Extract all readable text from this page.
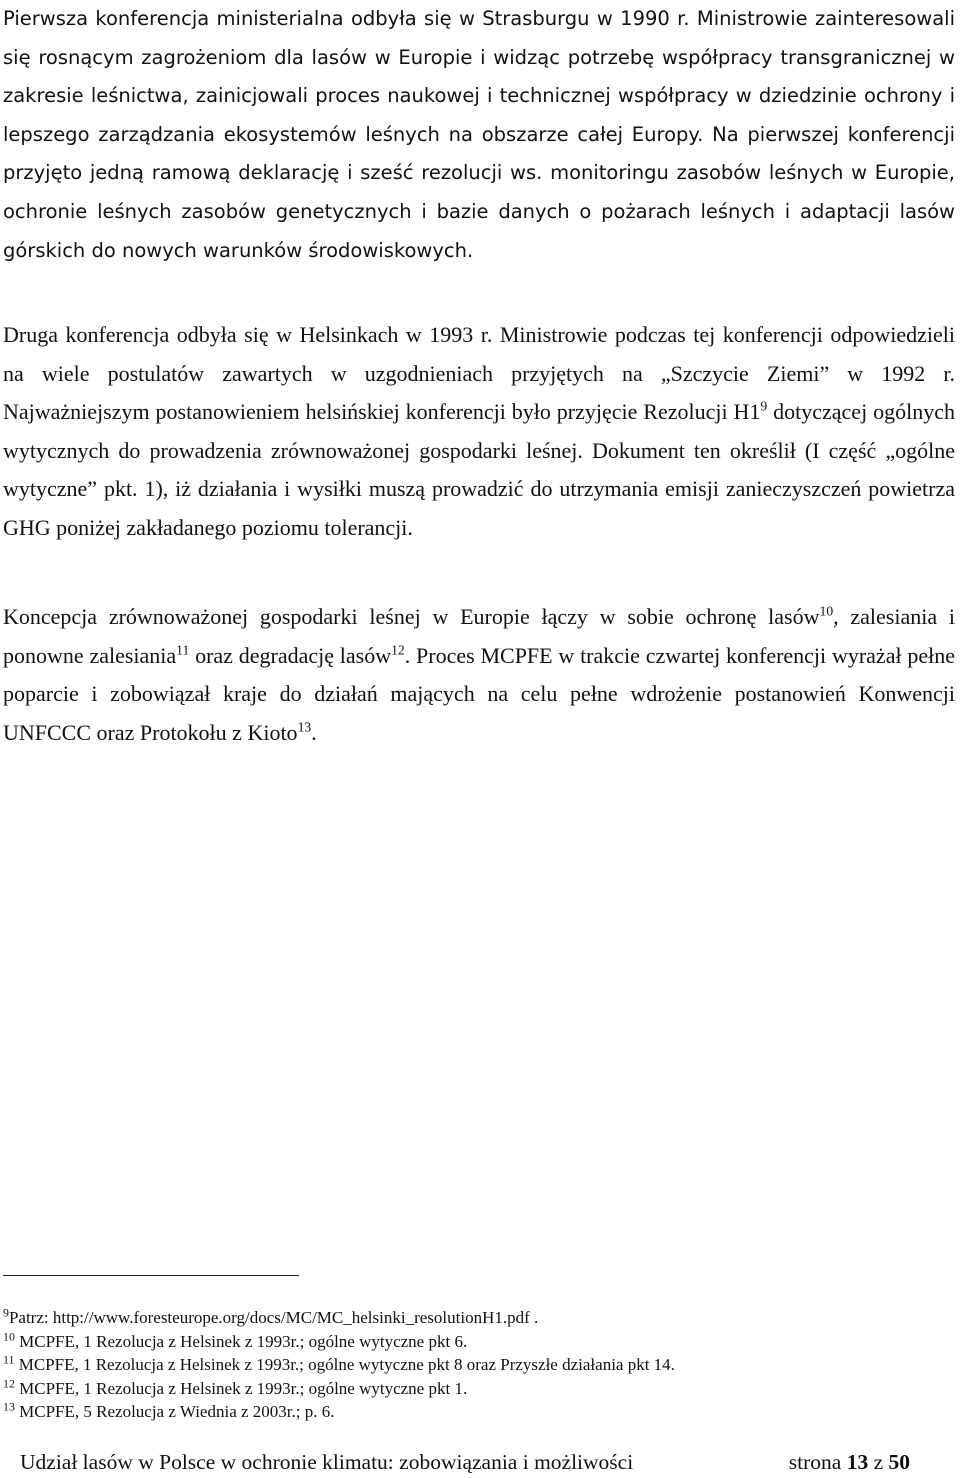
Pierwsza konferencja ministerialna odbyła się w Strasburgu w 1990 r. Ministrowie zainteresowali się rosnącym zagrożeniom dla lasów w Europie i widząc potrzebę współpracy transgranicznej w zakresie leśnictwa, zainicjowali proces naukowej i technicznej współpracy w dziedzinie ochrony i lepszego zarządzania ekosystemów leśnych na obszarze całej Europy. Na pierwszej konferencji przyjęto jedną ramową deklarację i sześć rezolucji ws. monitoringu zasobów leśnych w Europie, ochronie leśnych zasobów genetycznych i bazie danych o pożarach leśnych i adaptacji lasów górskich do nowych warunków środowiskowych.

Druga konferencja odbyła się w Helsinkach w 1993 r. Ministrowie podczas tej konferencji odpowiedzieli na wiele postulatów zawartych w uzgodnieniach przyjętych na „Szczycie Ziemi” w 1992 r. Najważniejszym postanowieniem helsińskiej konferencji było przyjęcie Rezolucji $H1^9$ dotyczącej ogólnych wytycznych do prowadzenia zrównoważonej gospodarki leśnej. Dokument ten określił (I część „ogólne wytyczne” pkt. 1), iż działania i wysiłki muszą prowadzić do utrzymania emisji zanieczyszczeń powietrza GHG poniżej zakładanego poziomu tolerancji.

Koncepcja zrównoważonej gospodarki leśnej w Europie łączy w sobie ochronę lasów$^{10}$, zalesiania i ponowne zalesiania$^{11}$ oraz degradację lasów$^{12}$. Proces MCPFE w trakcie czwartej konferencji wyrażał pełne poparcie i zobowiązał kraje do działań mających na celu pełne wdrożenie postanowień Konwencji UNFCCC oraz Protokołu z Kioto$^{13}$.

$^9$Patrz: http://www.foresteurope.org/docs/MC/MC_helsinki_resolutionH1.pdf .
$^{10}$ MCPFE, 1 Rezolucja z Helsinek z 1993r.; ogólne wytyczne pkt 6.
$^{11}$ MCPFE, 1 Rezolucja z Helsinek z 1993r.; ogólne wytyczne pkt 8 oraz Przyszłe działania pkt 14.
$^{12}$ MCPFE, 1 Rezolucja z Helsinek z 1993r.; ogólne wytyczne pkt 1.
$^{13}$ MCPFE, 5 Rezolucja z Wiednia z 2003r.; p. 6.
Udział lasów w Polsce w ochronie klimatu: zobowiązania i możliwości	strona 13 z 50
